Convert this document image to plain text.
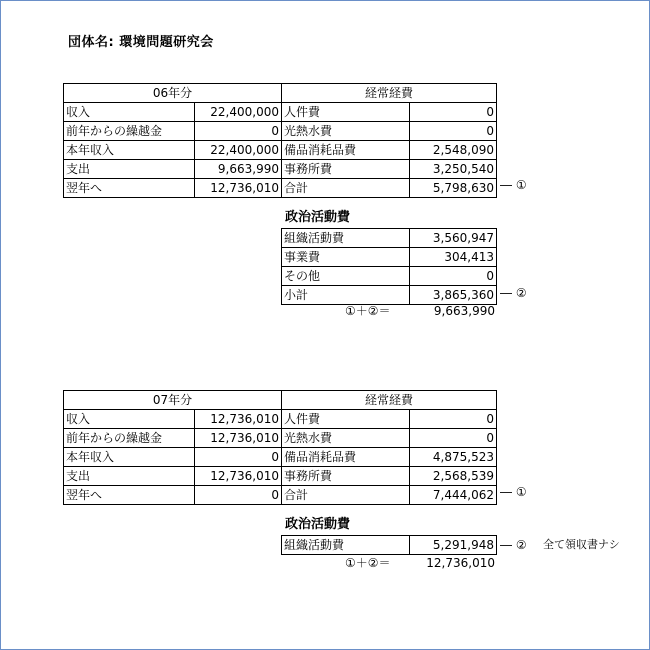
団体名: 環境問題研究会
06年分		経常経費	
収入	22,400,000	人件費	0
前年からの繰越金	0	光熱水費	0
本年収入	22,400,000	備品消耗品費	2,548,090
支出	9,663,990	事務所費	3,250,540
翌年へ	12,736,010	合計	5,798,630 ― ①
政治活動費
組織活動費	3,560,947
事業費	304,413
その他	0
小計	3,865,360 ― ②
①＋②＝	9,663,990
07年分		経常経費	
収入	12,736,010	人件費	0
前年からの繰越金	12,736,010	光熱水費	0
本年収入	0	備品消耗品費	4,875,523
支出	12,736,010	事務所費	2,568,539
翌年へ	0	合計	7,444,062 ― ①
政治活動費
組織活動費	5,291,948 ― ② 全て領収書ナシ
①＋②＝	12,736,010
